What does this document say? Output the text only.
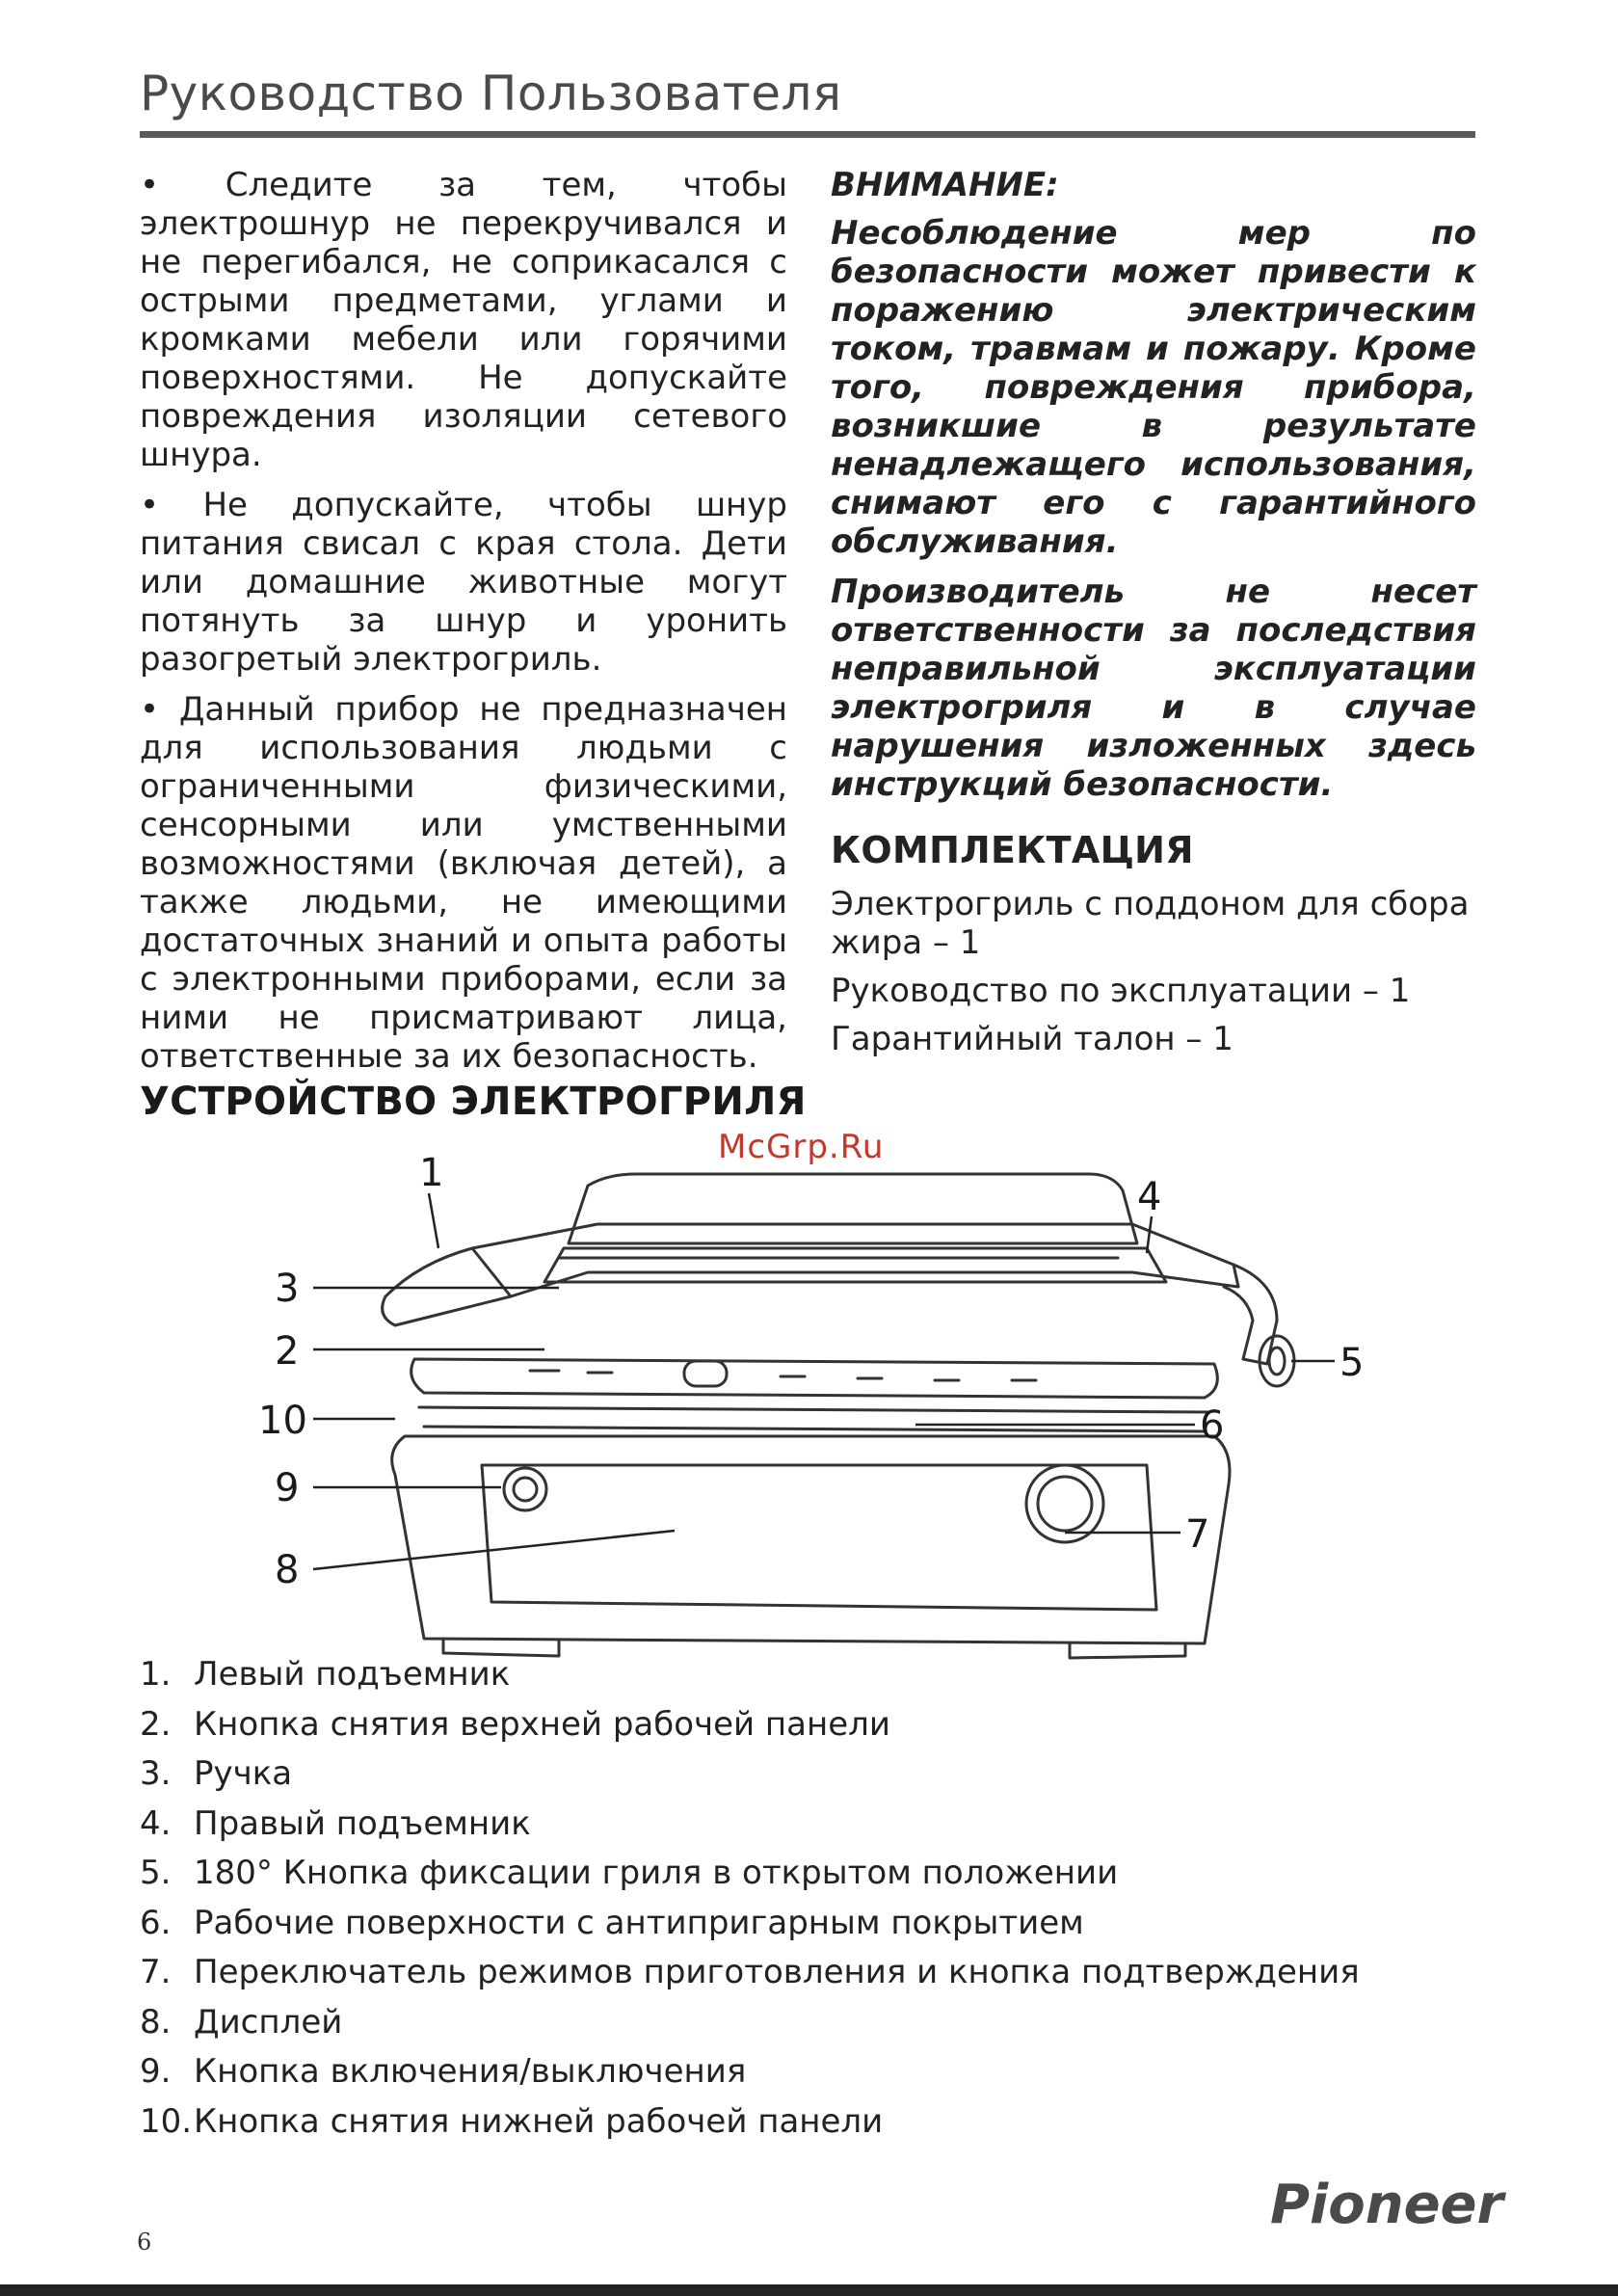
Руководство Пользователя

• Следите за тем, чтобы электрошнур не перекручивался и не перегибался, не соприкасался с острыми предметами, углами и кромками мебели или горячими поверхностями. Не допускайте повреждения изоляции сетевого шнура.

• Не допускайте, чтобы шнур питания свисал с края стола. Дети или домашние животные могут потянуть за шнур и уронить разогретый электрогриль.

• Данный прибор не предназначен для использования людьми с ограниченными физическими, сенсорными или умственными возможностями (включая детей), а также людьми, не имеющими достаточных знаний и опыта работы с электронными приборами, если за ними не присматривают лица, ответственные за их безопасность.

ВНИМАНИЕ:

Несоблюдение мер по безопасности может привести к поражению электрическим током, травмам и пожару. Кроме того, повреждения прибора, возникшие в результате ненадлежащего использования, снимают его с гарантийного обслуживания.

Производитель не несет ответственности за последствия неправильной эксплуатации электрогриля и в случае нарушения изложенных здесь инструкций безопасности.

КОМПЛЕКТАЦИЯ
Электрогриль с поддоном для сбора жира – 1
Руководство по эксплуатации – 1
Гарантийный талон – 1
УСТРОЙСТВО ЭЛЕКТРОГРИЛЯ
McGrp.Ru
1
2
3
4
5
6
7
8
9
10
1. Левый подъемник
2. Кнопка снятия верхней рабочей панели
3. Ручка
4. Правый подъемник
5. 180° Кнопка фиксации гриля в открытом положении
6. Рабочие поверхности с антипригарным покрытием
7. Переключатель режимов приготовления и кнопка подтверждения
8. Дисплей
9. Кнопка включения/выключения
10. Кнопка снятия нижней рабочей панели
Pioneer
6
